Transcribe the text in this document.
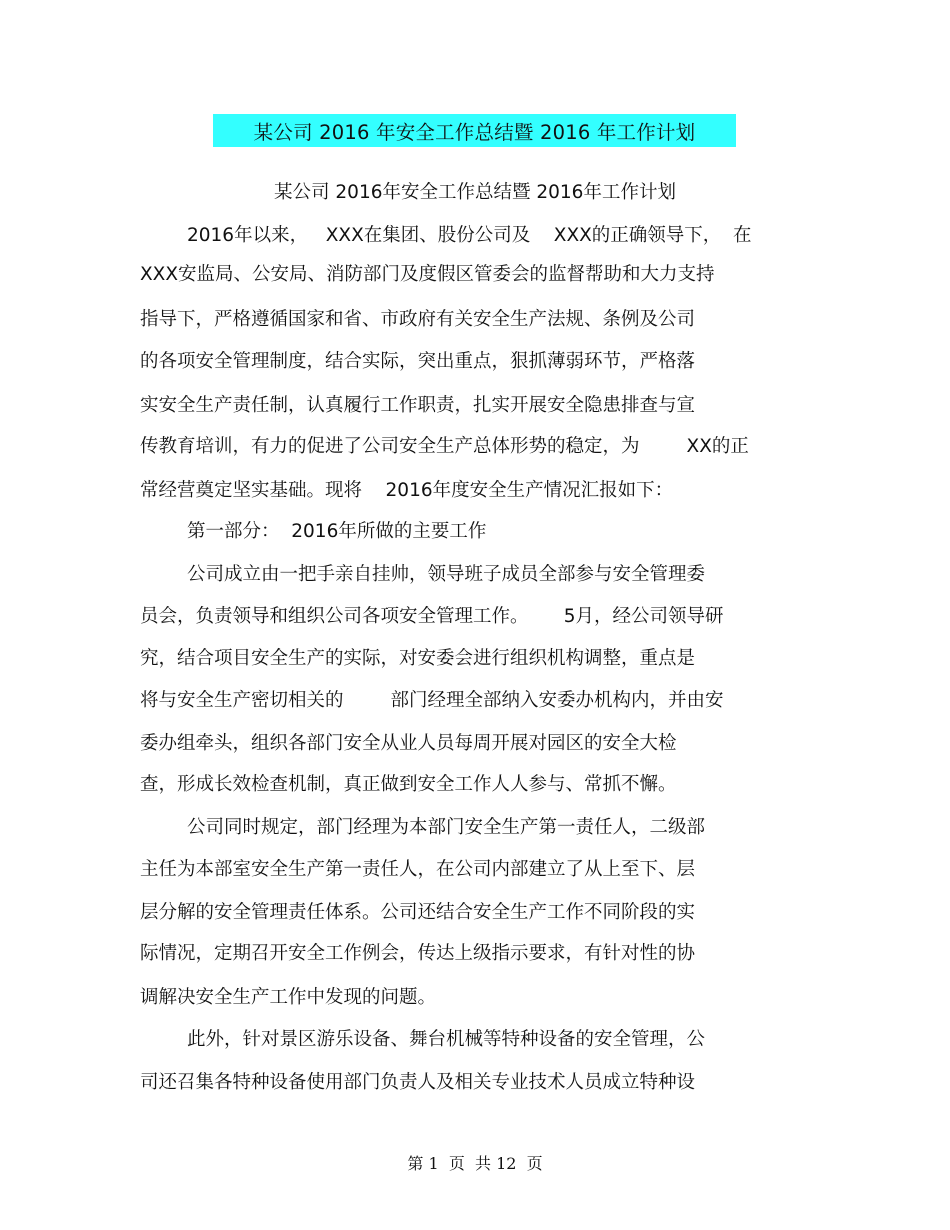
某公司 2016 年安全工作总结暨 2016 年工作计划
某公司 2016年安全工作总结暨 2016年工作计划
2016年以来，   XXX在集团、股份公司及    XXX的正确领导下，  在
XXX安监局、公安局、消防部门及度假区管委会的监督帮助和大力支持
指导下，严格遵循国家和省、市政府有关安全生产法规、条例及公司
的各项安全管理制度，结合实际，突出重点，狠抓薄弱环节，严格落
实安全生产责任制，认真履行工作职责，扎实开展安全隐患排查与宣
传教育培训，有力的促进了公司安全生产总体形势的稳定，为        XX的正
常经营奠定坚实基础。现将    2016年度安全生产情况汇报如下：
第一部分：  2016年所做的主要工作
公司成立由一把手亲自挂帅，领导班子成员全部参与安全管理委
员会，负责领导和组织公司各项安全管理工作。      5月，经公司领导研
究，结合项目安全生产的实际，对安委会进行组织机构调整，重点是
将与安全生产密切相关的        部门经理全部纳入安委办机构内，并由安
委办组牵头，组织各部门安全从业人员每周开展对园区的安全大检
查，形成长效检查机制，真正做到安全工作人人参与、常抓不懈。
公司同时规定，部门经理为本部门安全生产第一责任人，二级部
主任为本部室安全生产第一责任人，在公司内部建立了从上至下、层
层分解的安全管理责任体系。公司还结合安全生产工作不同阶段的实
际情况，定期召开安全工作例会，传达上级指示要求，有针对性的协
调解决安全生产工作中发现的问题。
此外，针对景区游乐设备、舞台机械等特种设备的安全管理，公
司还召集各特种设备使用部门负责人及相关专业技术人员成立特种设
第 1  页  共 12  页
